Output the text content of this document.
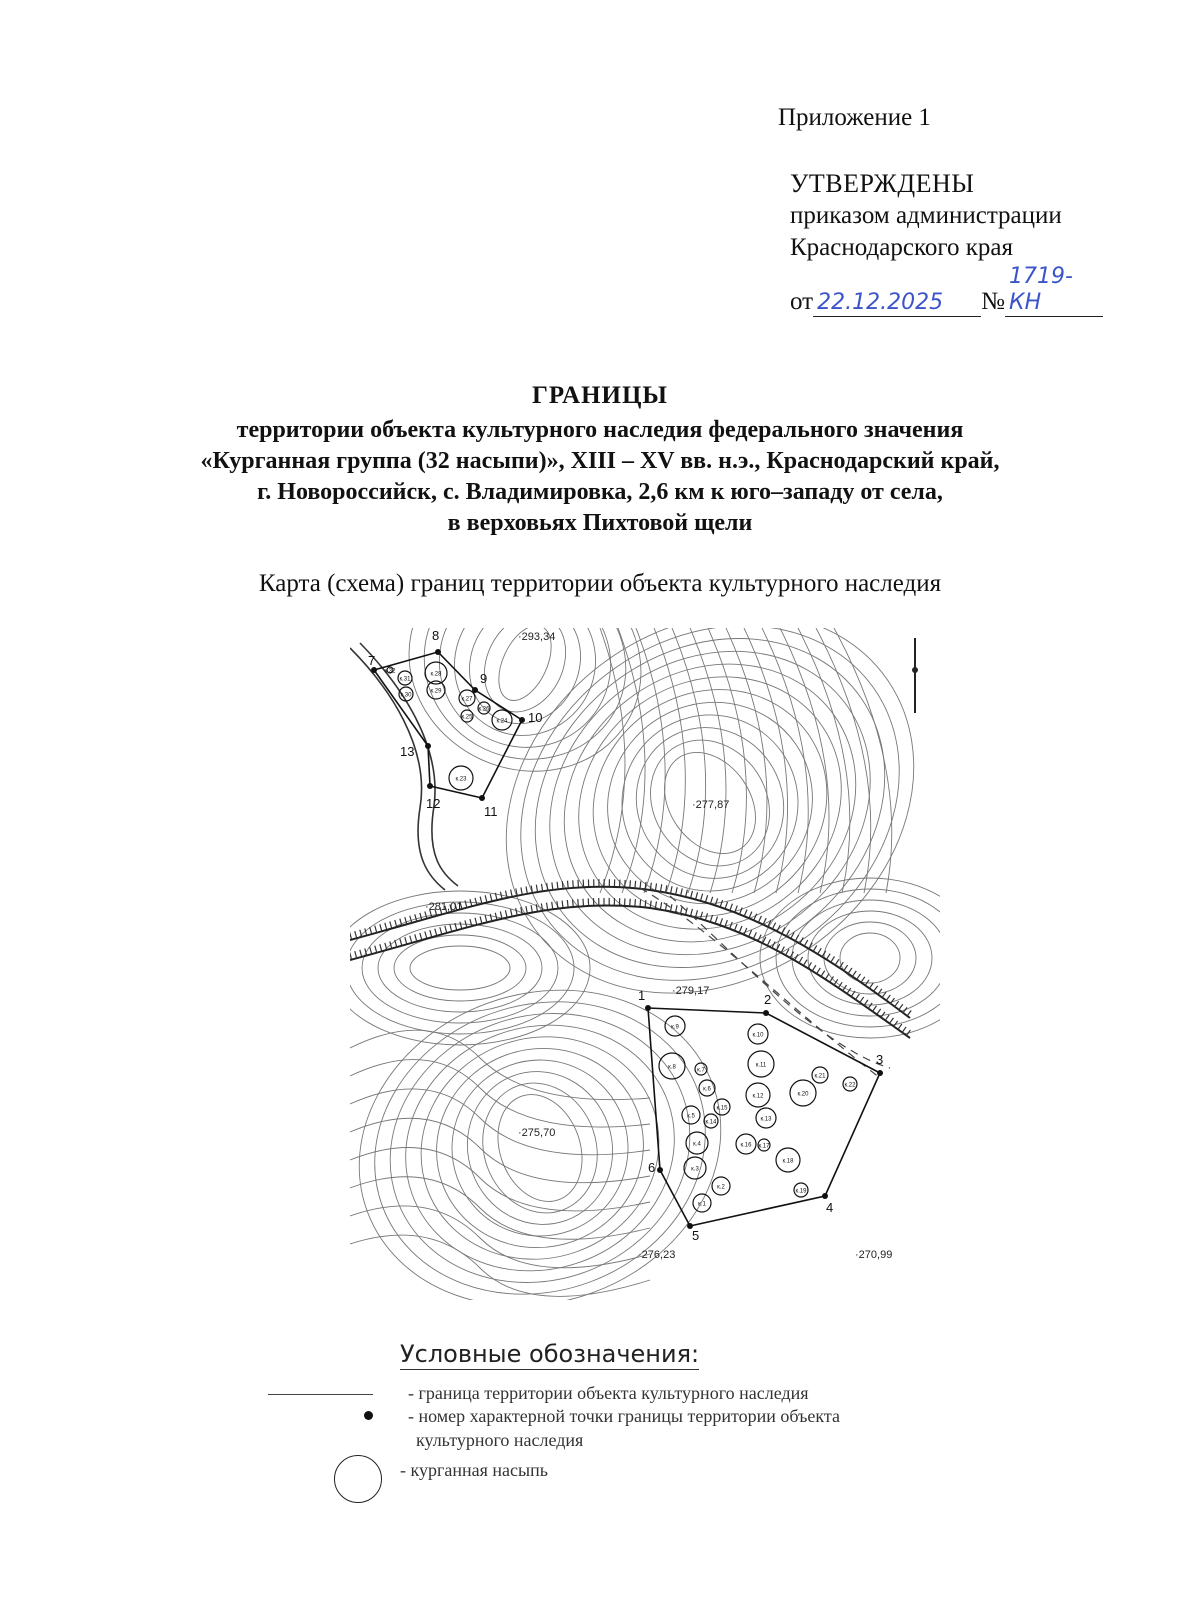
Приложение 1
УТВЕРЖДЕНЫ
приказом администрации
Краснодарского края
от 22.12.2025 №1719-КН
ГРАНИЦЫ
территории объекта культурного наследия федерального значения
«Курганная группа (32 насыпи)», XIII – XV вв. н.э., Краснодарский край,
г. Новороссийск, с. Владимировка, 2,6 км к юго–западу от села,
в верховьях Пихтовой щели
Карта (схема) границ территории объекта культурного наследия
1	2
3
4
5
6
7
8
9
10
11
12
13
к.1
к.2
к.3
к.4
к.5
к.6
к.7
к.8
к.9
к.10
к.11
к.12
к.13
к.14
к.15
к.16 к.17
к.18
к.19
к.20
к.21
к.22
к.23
к.24
к.25
к.26
к.27
к.28
к.29
к.30
к.31
к.32
·293,34
·277,87
·281,01
·279,17
·275,70
·276,23	·270,99
Условные обозначения:
- граница территории объекта культурного наследия
- номер характерной точки границы территории объекта
культурного наследия
- курганная насыпь
